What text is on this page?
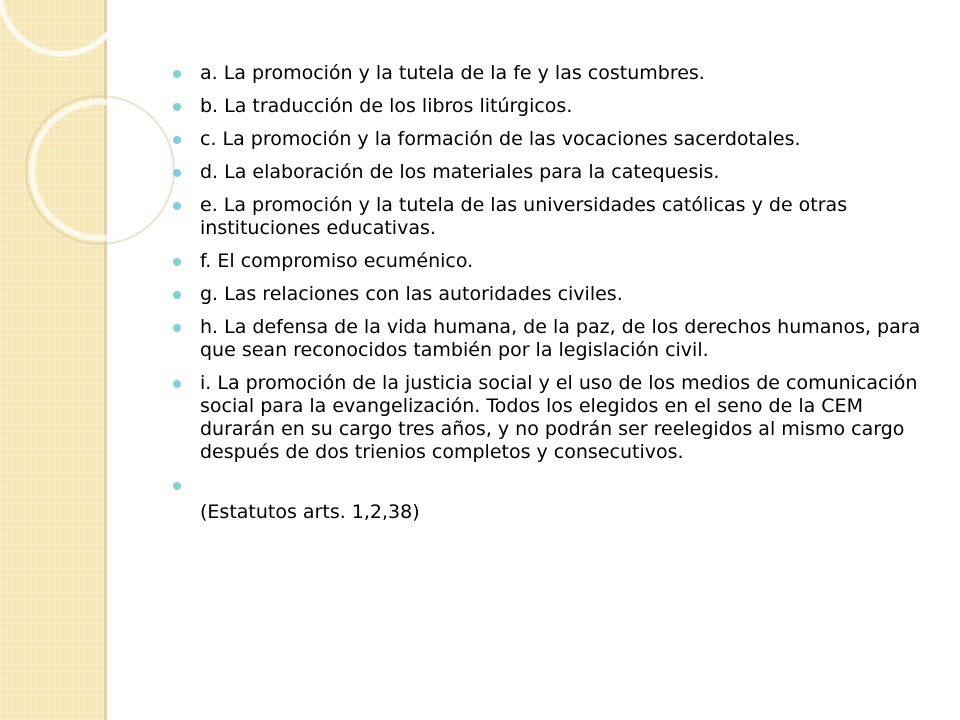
a. La promoción y la tutela de la fe y las costumbres.
b. La traducción de los libros litúrgicos.
c. La promoción y la formación de las vocaciones sacerdotales.
d. La elaboración de los materiales para la catequesis.
e. La promoción y la tutela de las universidades católicas y de otras instituciones educativas.
f. El compromiso ecuménico.
g. Las relaciones con las autoridades civiles.
h. La defensa de la vida humana, de la paz, de los derechos humanos, para que sean reconocidos también por la legislación civil.
i. La promoción de la justicia social y el uso de los medios de comunicación social para la evangelización. Todos los elegidos en el seno de la CEM durarán en su cargo tres años, y no podrán ser reelegidos al mismo cargo después de dos trienios completos y consecutivos.
(Estatutos arts. 1,2,38)
